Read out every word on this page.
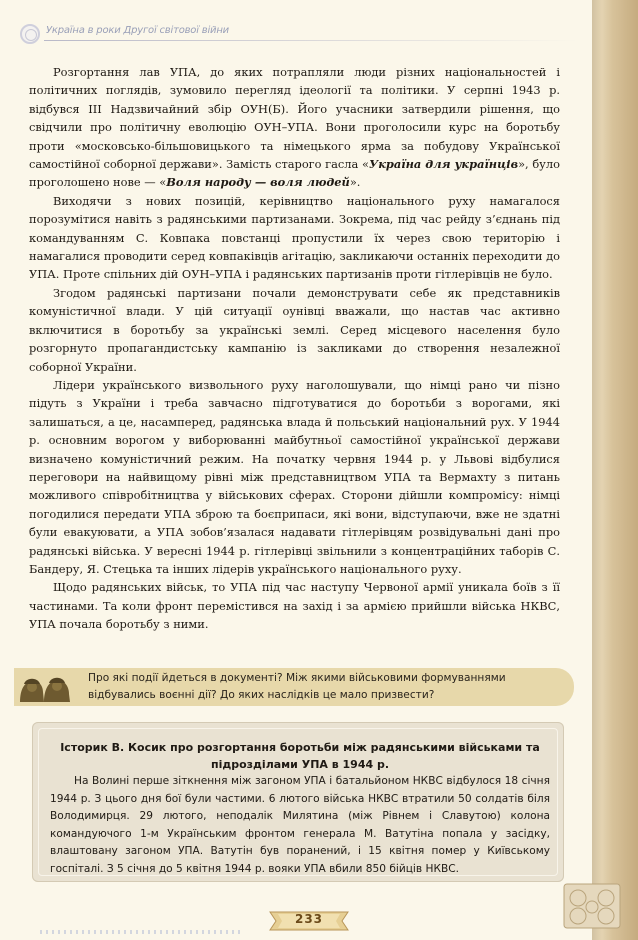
Україна в роки Другої світової війни

Розгортання лав УПА, до яких потрапляли люди різних національностей і політичних поглядів, зумовило перегляд ідеології та політики. У серпні 1943 р. відбувся ІІІ Надзвичайний збір ОУН(Б). Його учасники затвердили рішення, що свідчили про політичну еволюцію ОУН–УПА. Вони проголосили курс на боротьбу проти «московсько-більшовицького та німецького ярма за побудову Української самостійної соборної держави». Замість старого гасла «Україна для українців», було проголошено нове — «Воля народу — воля людей».

Виходячи з нових позицій, керівництво національного руху намагалося порозумітися навіть з радянськими партизанами. Зокрема, під час рейду з’єднань під командуванням С. Ковпака повстанці пропустили їх через свою територію і намагалися проводити серед ковпаківців агітацію, закликаючи останніх переходити до УПА. Проте спільних дій ОУН–УПА і радянських партизанів проти гітлерівців не було.

Згодом радянські партизани почали демонструвати себе як представників комуністичної влади. У цій ситуації оунівці вважали, що настав час активно включитися в боротьбу за українські землі. Серед місцевого населення було розгорнуто пропагандистську кампанію із закликами до створення незалежної соборної України.

Лідери українського визвольного руху наголошували, що німці рано чи пізно підуть з України і треба завчасно підготуватися до боротьби з ворогами, які залишаться, а це, насамперед, радянська влада й польський національний рух. У 1944 р. основним ворогом у виборюванні майбутньої самостійної української держави визначено комуністичний режим. На початку червня 1944 р. у Львові відбулися переговори на найвищому рівні між представництвом УПА та Вермахту з питань можливого співробітництва у військових сферах. Сторони дійшли компромісу: німці погодилися передати УПА зброю та боєприпаси, які вони, відступаючи, вже не здатні були евакуювати, а УПА зобов’язалася надавати гітлерівцям розвідувальні дані про радянські війська. У вересні 1944 р. гітлерівці звільнили з концентраційних таборів С. Бандеру, Я. Стецька та інших лідерів українського національного руху.

Щодо радянських військ, то УПА під час наступу Червоної армії уникала боїв з її частинами. Та коли фронт перемістився на захід і за армією прийшли війська НКВС, УПА почала боротьбу з ними.

Про які події йдеться в документі? Між якими військовими формуваннями відбувались воєнні дії? До яких наслідків це мало призвести?
Історик В. Косик про розгортання боротьби між радянськими військами та підрозділами УПА в 1944 р.

На Волині перше зіткнення між загоном УПА і батальйоном НКВС відбулося 18 січня 1944 р. З цього дня бої були частими. 6 лютого війська НКВС втратили 50 солдатів біля Володимирця. 29 лютого, неподалік Милятина (між Рівнем і Славутою) колона командуючого 1-м Українським фронтом генерала М. Ватутіна попала у засідку, влаштовану загоном УПА. Ватутін був поранений, і 15 квітня помер у Київському госпіталі. З 5 січня до 5 квітня 1944 р. вояки УПА вбили 850 бійців НКВС.

233
